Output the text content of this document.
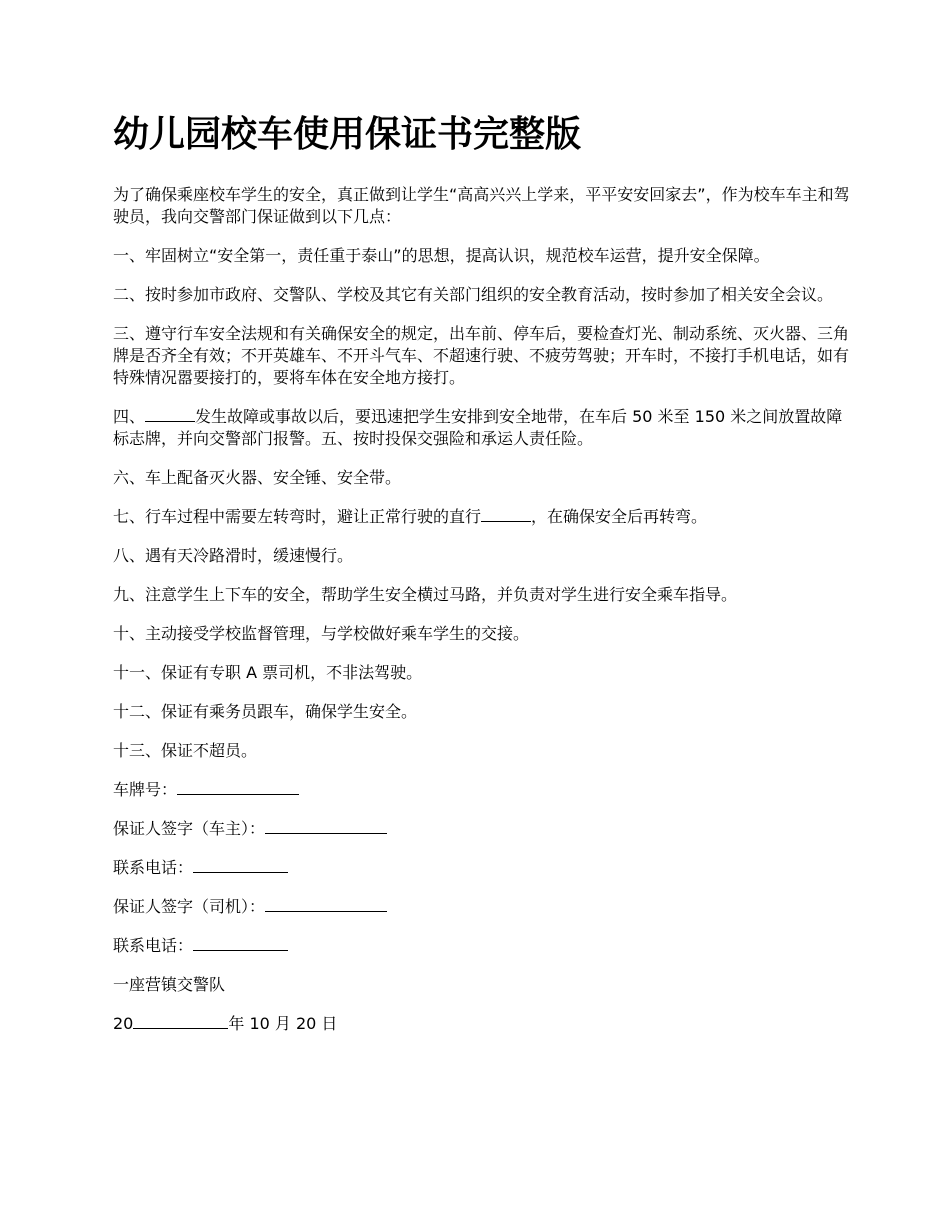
幼儿园校车使用保证书完整版

为了确保乘座校车学生的安全，真正做到让学生“高高兴兴上学来，平平安安回家去”，作为校车车主和驾驶员，我向交警部门保证做到以下几点：

一、牢固树立“安全第一，责任重于泰山”的思想，提高认识，规范校车运营，提升安全保障。

二、按时参加市政府、交警队、学校及其它有关部门组织的安全教育活动，按时参加了相关安全会议。

三、遵守行车安全法规和有关确保安全的规定，出车前、停车后，要检查灯光、制动系统、灭火器、三角牌是否齐全有效；不开英雄车、不开斗气车、不超速行驶、不疲劳驾驶；开车时，不接打手机电话，如有特殊情况嚣要接打的，要将车体在安全地方接打。

四、	发生故障或事故以后，要迅速把学生安排到安全地带，在车后 50 米至 150 米之间放置故障标志牌，并向交警部门报警。五、按时投保交强险和承运人责任险。

六、车上配备灭火器、安全锤、安全带。

七、行车过程中需要左转弯时，避让正常行驶的直行	，在确保安全后再转弯。

八、遇有天冷路滑时，缓速慢行。

九、注意学生上下车的安全，帮助学生安全横过马路，并负责对学生进行安全乘车指导。

十、主动接受学校监督管理，与学校做好乘车学生的交接。

十一、保证有专职 A 票司机，不非法驾驶。

十二、保证有乘务员跟车，确保学生安全。

十三、保证不超员。

车牌号：

保证人签字（车主）：

联系电话：

保证人签字（司机）：

联系电话：

一座营镇交警队

20	年 10 月 20 日
